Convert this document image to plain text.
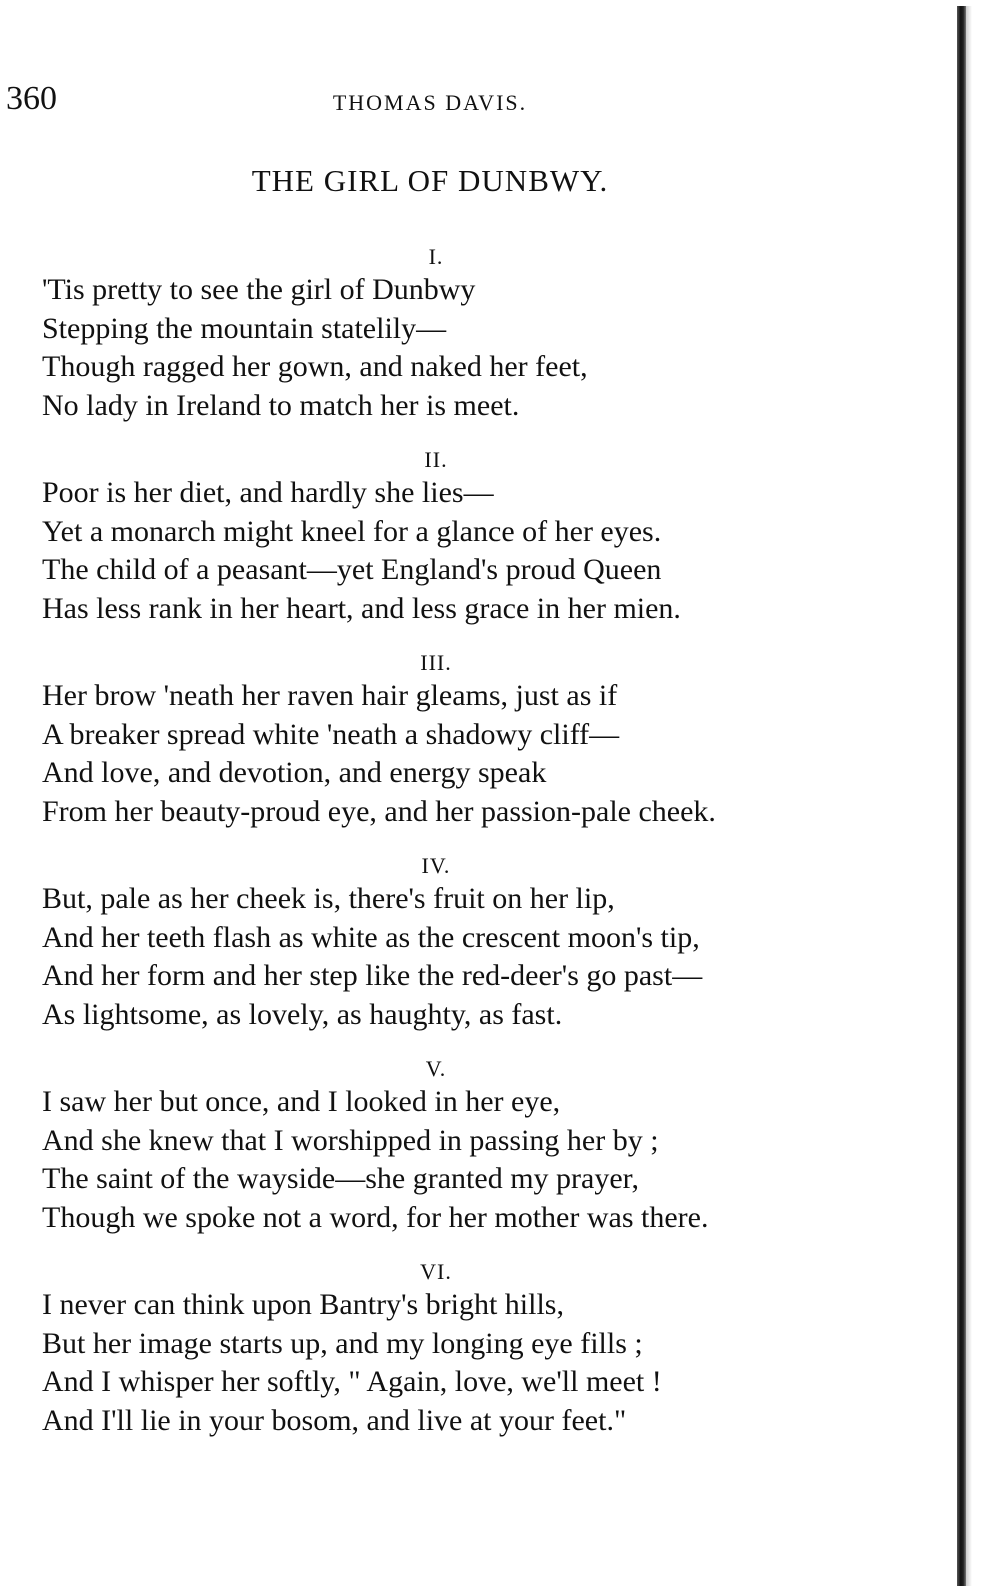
360	THOMAS DAVIS.
THE GIRL OF DUNBWY.
I.
'Tis pretty to see the girl of Dunbwy
Stepping the mountain statelily—
Though ragged her gown, and naked her feet,
No lady in Ireland to match her is meet.
II.
Poor is her diet, and hardly she lies—
Yet a monarch might kneel for a glance of her eyes.
The child of a peasant—yet England's proud Queen
Has less rank in her heart, and less grace in her mien.
III.
Her brow 'neath her raven hair gleams, just as if
A breaker spread white 'neath a shadowy cliff—
And love, and devotion, and energy speak
From her beauty-proud eye, and her passion-pale cheek.
IV.
But, pale as her cheek is, there's fruit on her lip,
And her teeth flash as white as the crescent moon's tip,
And her form and her step like the red-deer's go past—
As lightsome, as lovely, as haughty, as fast.
V.
I saw her but once, and I looked in her eye,
And she knew that I worshipped in passing her by ;
The saint of the wayside—she granted my prayer,
Though we spoke not a word, for her mother was there.
VI.
I never can think upon Bantry's bright hills,
But her image starts up, and my longing eye fills ;
And I whisper her softly, " Again, love, we'll meet !
And I'll lie in your bosom, and live at your feet."
